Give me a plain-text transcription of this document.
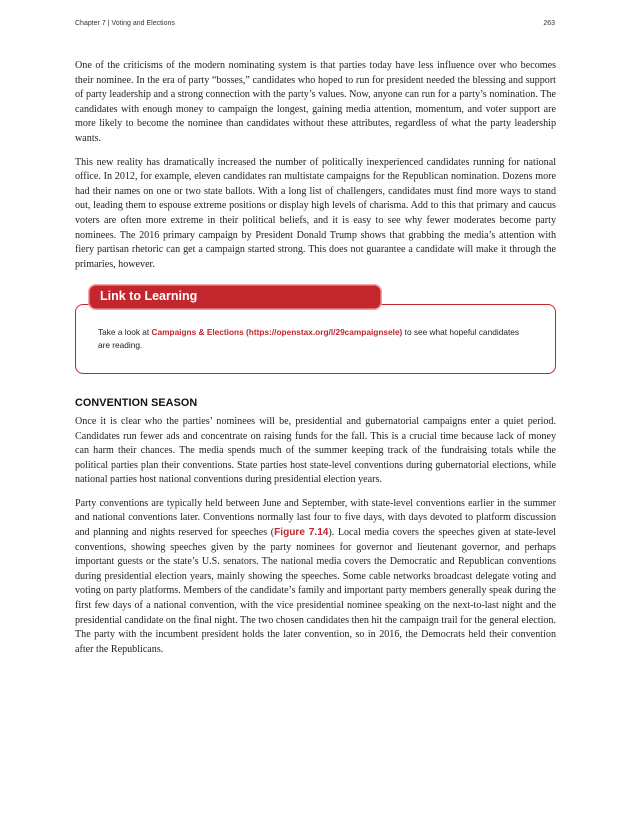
Chapter 7 | Voting and Elections	263

One of the criticisms of the modern nominating system is that parties today have less influence over who becomes their nominee. In the era of party “bosses,” candidates who hoped to run for president needed the blessing and support of party leadership and a strong connection with the party’s values. Now, anyone can run for a party’s nomination. The candidates with enough money to campaign the longest, gaining media attention, momentum, and voter support are more likely to become the nominee than candidates without these attributes, regardless of what the party leadership wants.

This new reality has dramatically increased the number of politically inexperienced candidates running for national office. In 2012, for example, eleven candidates ran multistate campaigns for the Republican nomination. Dozens more had their names on one or two state ballots. With a long list of challengers, candidates must find more ways to stand out, leading them to espouse extreme positions or display high levels of charisma. Add to this that primary and caucus voters are often more extreme in their political beliefs, and it is easy to see why fewer moderates become party nominees. The 2016 primary campaign by President Donald Trump shows that grabbing the media’s attention with fiery partisan rhetoric can get a campaign started strong. This does not guarantee a candidate will make it through the primaries, however.

Link to Learning
Take a look at Campaigns & Elections (https://openstax.org/l/29campaignsele) to see what hopeful candidates are reading.
CONVENTION SEASON

Once it is clear who the parties’ nominees will be, presidential and gubernatorial campaigns enter a quiet period. Candidates run fewer ads and concentrate on raising funds for the fall. This is a crucial time because lack of money can harm their chances. The media spends much of the summer keeping track of the fundraising totals while the political parties plan their conventions. State parties host state-level conventions during gubernatorial elections, while national parties host national conventions during presidential election years.

Party conventions are typically held between June and September, with state-level conventions earlier in the summer and national conventions later. Conventions normally last four to five days, with days devoted to platform discussion and planning and nights reserved for speeches (Figure 7.14). Local media covers the speeches given at state-level conventions, showing speeches given by the party nominees for governor and lieutenant governor, and perhaps important guests or the state’s U.S. senators. The national media covers the Democratic and Republican conventions during presidential election years, mainly showing the speeches. Some cable networks broadcast delegate voting and voting on party platforms. Members of the candidate’s family and important party members generally speak during the first few days of a national convention, with the vice presidential nominee speaking on the next-to-last night and the presidential candidate on the final night. The two chosen candidates then hit the campaign trail for the general election. The party with the incumbent president holds the later convention, so in 2016, the Democrats held their convention after the Republicans.
